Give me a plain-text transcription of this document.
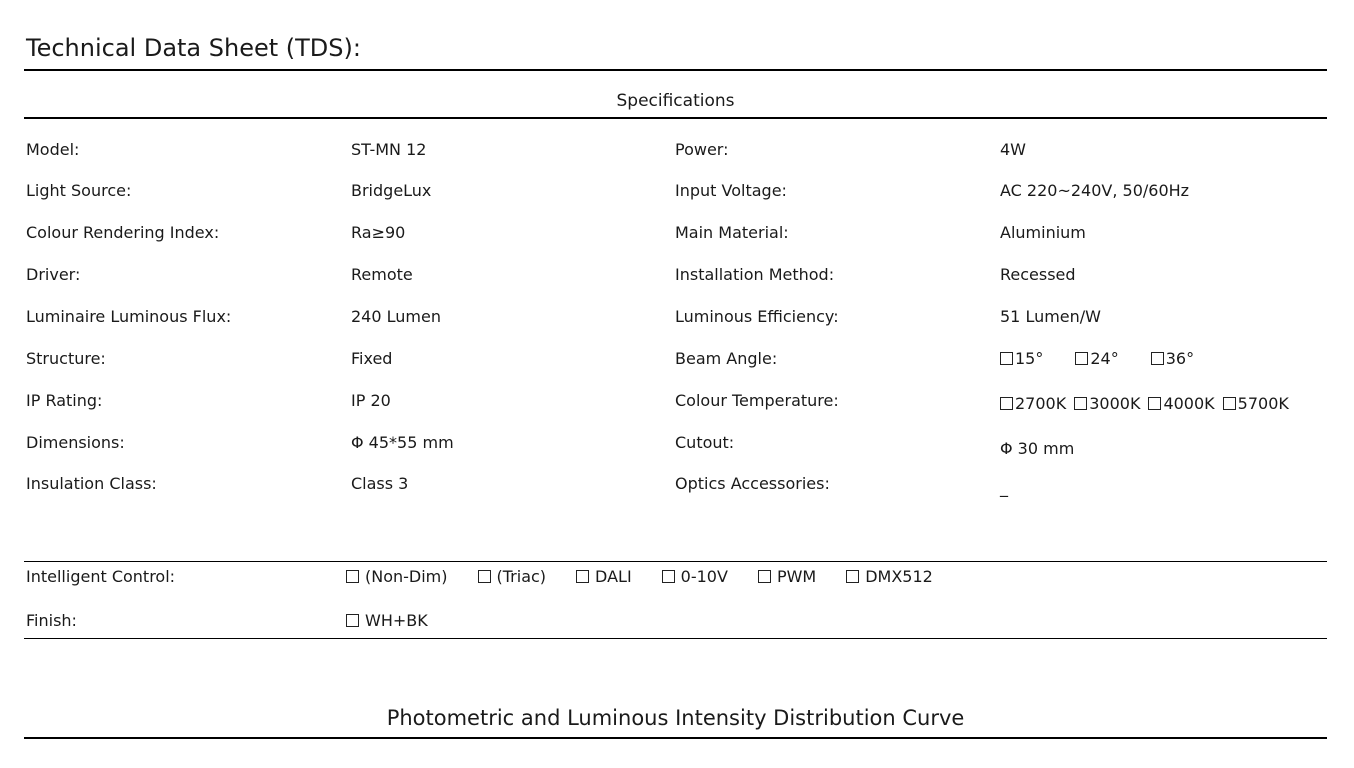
Technical Data Sheet (TDS):
Specifications
Model:	ST-MN 12	Power:	4W
Light Source:	BridgeLux	Input Voltage:	AC 220~240V, 50/60Hz
Colour Rendering Index:	Ra≥90	Main Material:	Aluminium
Driver:	Remote	Installation Method:	Recessed
Luminaire Luminous Flux:	240 Lumen	Luminous Efficiency:	51 Lumen/W
Structure:	Fixed	Beam Angle:	15°	24°	36°
IP Rating:	IP 20	Colour Temperature:	2700K 3000K 4000K 5700K
Dimensions:	Φ 45*55 mm	Cutout:	Φ 30 mm
Insulation Class:	Class 3	Optics Accessories:	_
Intelligent Control:	(Non-Dim)	(Triac)	DALI	0-10V	PWM	DMX512
Finish:	WH+BK
Photometric and Luminous Intensity Distribution Curve
